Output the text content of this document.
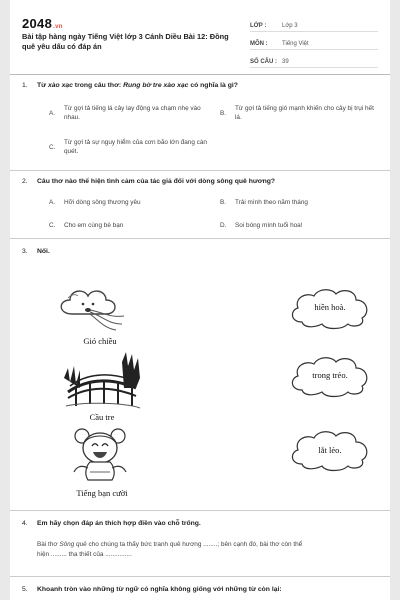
2048.vn
Bài tập hàng ngày Tiếng Việt lớp 3 Cánh Diều Bài 12: Đồng quê yêu dấu có đáp án
LỚP :	Lớp 3
MÔN :	Tiếng Việt
SỐ CÂU : 39
1. Từ xào xạc trong câu thơ: Rung bờ tre xào xạc có nghĩa là gì?
A.
Từ gợi tả tiếng lá cây lay động va chạm nhẹ vào nhau.
B.
Từ gợi tả tiếng gió mạnh khiến cho cây bị trụi hết lá.
C.
Từ gợi tả sự nguy hiểm của cơn bão lớn đang càn quét.
2. Câu thơ nào thể hiện tình cảm của tác giả đối với dòng sông quê hương?
A. Hỡi dòng sông thương yêu	B. Trải mình theo năm tháng
C. Cho em cùng bè bạn	D. Soi bóng mình tuổi hoa!
3. Nối.
Gió chiều
Cầu tre
Tiếng bạn cười
hiền hoà.
trong trẻo.
lắt lẻo.
4. Em hãy chọn đáp án thích hợp điền vào chỗ trống.
Bài thơ Sông quê cho chúng ta thấy bức tranh quê hương ........; bên cạnh đó, bài thơ còn thể
hiện ......... tha thiết của ...............
5. Khoanh tròn vào những từ ngữ có nghĩa không giống với những từ còn lại:
